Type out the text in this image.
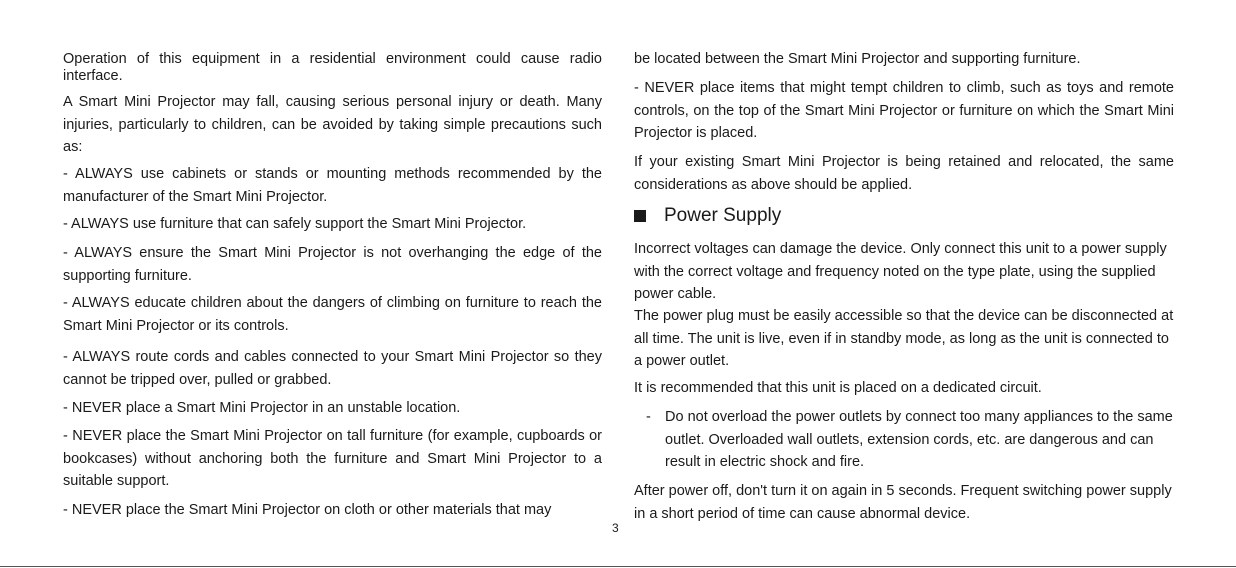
Operation of this equipment in a residential environment could cause radio interface.

A Smart Mini Projector may fall, causing serious personal injury or death. Many injuries, particularly to children, can be avoided by taking simple precautions such as:

- ALWAYS use cabinets or stands or mounting methods recommended by the manufacturer of the Smart Mini Projector.

- ALWAYS use furniture that can safely support the Smart Mini Projector.

- ALWAYS ensure the Smart Mini Projector is not overhanging the edge of the supporting furniture.

- ALWAYS educate children about the dangers of climbing on furniture to reach the Smart Mini Projector or its controls.

- ALWAYS route cords and cables connected to your Smart Mini Projector so they cannot be tripped over, pulled or grabbed.

- NEVER place a Smart Mini Projector in an unstable location.

- NEVER place the Smart Mini Projector on tall furniture (for example, cupboards or bookcases) without anchoring both the furniture and Smart Mini Projector to a suitable support.

- NEVER place the Smart Mini Projector on cloth or other materials that may

be located between the Smart Mini Projector and supporting furniture.

- NEVER place items that might tempt children to climb, such as toys and remote controls, on the top of the Smart Mini Projector or furniture on which the Smart Mini Projector is placed.

If your existing Smart Mini Projector is being retained and relocated, the same considerations as above should be applied.

Power Supply

Incorrect voltages can damage the device. Only connect this unit to a power supply with the correct voltage and frequency noted on the type plate, using the supplied power cable.

The power plug must be easily accessible so that the device can be disconnected at all time. The unit is live, even if in standby mode, as long as the unit is connected to a power outlet.

It is recommended that this unit is placed on a dedicated circuit.

- Do not overload the power outlets by connect too many appliances to the same outlet. Overloaded wall outlets, extension cords, etc. are dangerous and can result in electric shock and fire.

After power off, don't turn it on again in 5 seconds. Frequent switching power supply in a short period of time can cause abnormal device.

3
